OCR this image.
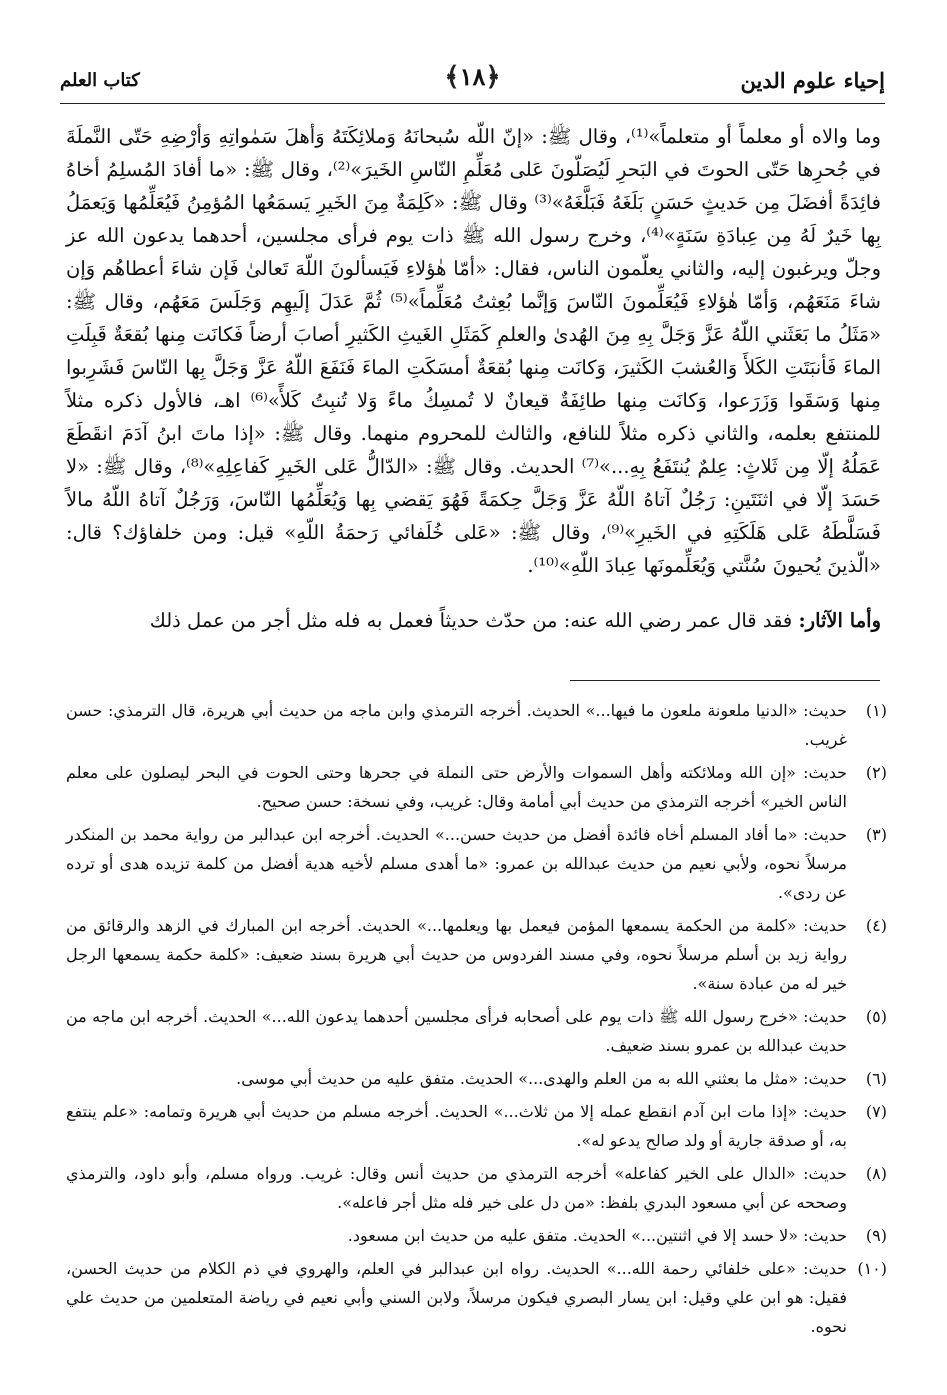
إحياء علوم الدين
﴾١٨﴿
كتاب العلم

وما والاه أو معلماً أو متعلماً»⁽¹⁾، وقال ﷺ: «إنّ اللّه سُبحانَهُ وَملائِكَتَهُ وَأهلَ سَمٰواتِهِ وَأرْضِهِ حَتّى النَّملَةَ في جُحرِها حَتّى الحوتَ في البَحرِ لَيُصَلّونَ عَلى مُعَلِّمِ النّاسِ الخَيرَ»⁽²⁾، وقال ﷺ: «ما أفادَ المُسلِمُ أخاهُ فائِدَةً أفضَلَ مِن حَديثٍ حَسَنٍ بَلَغَهُ فَبَلَّغَهُ»⁽³⁾ وقال ﷺ: «كَلِمَةٌ مِنَ الخَيرِ يَسمَعُها المُؤمِنُ فَيُعَلِّمُها وَيَعمَلُ بِها خَيرٌ لَهُ مِن عِبادَةِ سَنَةٍ»⁽⁴⁾، وخرج رسول الله ﷺ ذات يوم فرأى مجلسين، أحدهما يدعون الله عز وجلّ ويرغبون إليه، والثاني يعلّمون الناس، فقال: «أمّا هٰؤلاءِ فَيَسألونَ اللّهَ تَعالىٰ فَإن شاءَ أعطاهُم وَإن شاءَ مَنَعَهُم، وَأمّا هٰؤلاءِ فَيُعَلِّمونَ النّاسَ وَإنَّما بُعِثتُ مُعَلِّماً»⁽⁵⁾ ثُمَّ عَدَلَ إلَيهِم وَجَلَسَ مَعَهُم، وقال ﷺ: «مَثَلُ ما بَعَثَني اللّهُ عَزَّ وَجَلَّ بِهِ مِنَ الهُدىٰ والعلمِ كَمَثَلِ الغَيثِ الكَثيرِ أصابَ أرضاً فَكانَت مِنها بُقعَةٌ قَبِلَتِ الماءَ فَأنبَتَتِ الكَلأَ وَالعُشبَ الكَثيرَ، وَكانَت مِنها بُقعَةٌ أمسَكَتِ الماءَ فَنَفَعَ اللّهُ عَزَّ وَجَلَّ بِها النّاسَ فَشَرِبوا مِنها وَسَقَوا وَزَرَعوا، وَكانَت مِنها طائِفَةٌ قيعانٌ لا تُمسِكُ ماءً وَلا تُنبِتُ كَلأً»⁽⁶⁾ اهـ، فالأول ذكره مثلاً للمنتفع بعلمه، والثاني ذكره مثلاً للنافع، والثالث للمحروم منهما. وقال ﷺ: «إذا ماتَ ابنُ آدَمَ انقَطَعَ عَمَلُهُ إلّا مِن ثَلاثٍ: عِلمٌ يُنتَفَعُ بِهِ...»⁽⁷⁾ الحديث. وقال ﷺ: «الدّالُّ عَلى الخَيرِ كَفاعِلِهِ»⁽⁸⁾، وقال ﷺ: «لا حَسَدَ إلّا في اثنَتَينِ: رَجُلٌ آتاهُ اللّهُ عَزَّ وَجَلَّ حِكمَةً فَهُوَ يَقضي بِها وَيُعَلِّمُها النّاسَ، وَرَجُلٌ آتاهُ اللّهُ مالاً فَسَلَّطَهُ عَلى هَلَكَتِهِ في الخَيرِ»⁽⁹⁾، وقال ﷺ: «عَلى خُلَفائي رَحمَةُ اللّهِ» قيل: ومن خلفاؤك؟ قال: «الّذينَ يُحيونَ سُنَّتي وَيُعَلِّمونَها عِبادَ اللّهِ»⁽¹⁰⁾.

وأما الآثار: فقد قال عمر رضي الله عنه: من حدّث حديثاً فعمل به فله مثل أجر من عمل ذلك

(١)
حديث: «الدنيا ملعونة ملعون ما فيها...» الحديث. أخرجه الترمذي وابن ماجه من حديث أبي هريرة، قال الترمذي: حسن غريب.
(٢)
حديث: «إن الله وملائكته وأهل السموات والأرض حتى النملة في جحرها وحتى الحوت في البحر ليصلون على معلم الناس الخير» أخرجه الترمذي من حديث أبي أمامة وقال: غريب، وفي نسخة: حسن صحيح.
(٣)
حديث: «ما أفاد المسلم أخاه فائدة أفضل من حديث حسن...» الحديث. أخرجه ابن عبدالبر من رواية محمد بن المنكدر مرسلاً نحوه، ولأبي نعيم من حديث عبدالله بن عمرو: «ما أهدى مسلم لأخيه هدية أفضل من كلمة تزيده هدى أو ترده عن ردى».
(٤)
حديث: «كلمة من الحكمة يسمعها المؤمن فيعمل بها ويعلمها...» الحديث. أخرجه ابن المبارك في الزهد والرقائق من رواية زيد بن أسلم مرسلاً نحوه، وفي مسند الفردوس من حديث أبي هريرة بسند ضعيف: «كلمة حكمة يسمعها الرجل خير له من عبادة سنة».
(٥)
حديث: «خرج رسول الله ﷺ ذات يوم على أصحابه فرأى مجلسين أحدهما يدعون الله...» الحديث. أخرجه ابن ماجه من حديث عبدالله بن عمرو بسند ضعيف.
(٦)
حديث: «مثل ما بعثني الله به من العلم والهدى...» الحديث. متفق عليه من حديث أبي موسى.
(٧)
حديث: «إذا مات ابن آدم انقطع عمله إلا من ثلاث...» الحديث. أخرجه مسلم من حديث أبي هريرة وتمامه: «علم ينتفع به، أو صدقة جارية أو ولد صالح يدعو له».
(٨)
حديث: «الدال على الخير كفاعله» أخرجه الترمذي من حديث أنس وقال: غريب. ورواه مسلم، وأبو داود، والترمذي وصححه عن أبي مسعود البدري بلفظ: «من دل على خير فله مثل أجر فاعله».
(٩)
حديث: «لا حسد إلا في اثنتين...» الحديث. متفق عليه من حديث ابن مسعود.
(١٠)
حديث: «على خلفائي رحمة الله...» الحديث. رواه ابن عبدالبر في العلم، والهروي في ذم الكلام من حديث الحسن، فقيل: هو ابن علي وقيل: ابن يسار البصري فيكون مرسلاً، ولابن السني وأبي نعيم في رياضة المتعلمين من حديث علي نحوه.
